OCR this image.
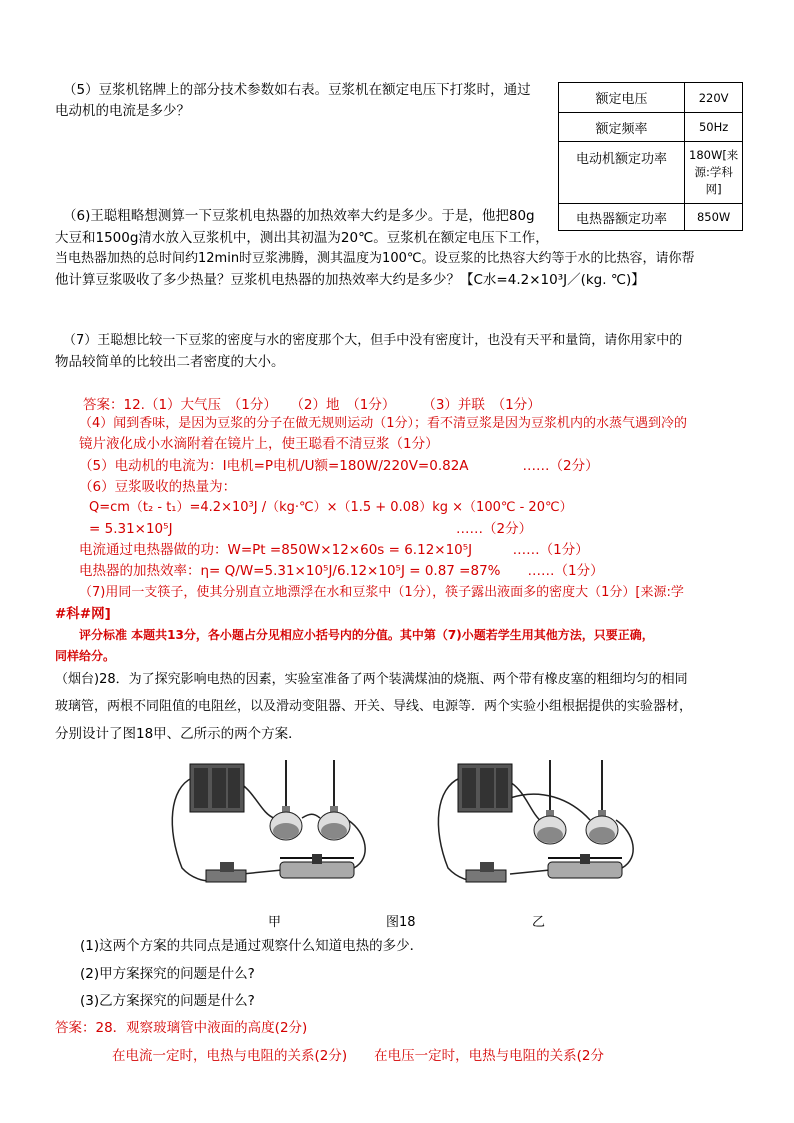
（5）豆浆机铭牌上的部分技术参数如右表。豆浆机在额定电压下打浆时，通过
电动机的电流是多少？
额定电压	220V
额定频率	50Hz
电动机额定功率	180W[来源:学科网]
电热器额定功率	850W
（6)王聪粗略想测算一下豆浆机电热器的加热效率大约是多少。于是，他把80g
大豆和1500g清水放入豆浆机中，测出其初温为20℃。豆浆机在额定电压下工作，
当电热器加热的总时间约12min时豆浆沸腾，测其温度为100℃。设豆浆的比热容大约等于水的比热容，请你帮
他计算豆浆吸收了多少热量？豆浆机电热器的加热效率大约是多少？【C水=4.2×10³J／(kg. ℃)】
（7）王聪想比较一下豆浆的密度与水的密度那个大，但手中没有密度计，也没有天平和量筒，请你用家中的
物品较简单的比较出二者密度的大小。
答案：12.（1）大气压　（1分）　　（2）地　（1分）　　　（3）并联　（1分）
（4）闻到香味，是因为豆浆的分子在做无规则运动（1分）；看不清豆浆是因为豆浆机内的水蒸气遇到冷的
镜片液化成小水滴附着在镜片上，使王聪看不清豆浆（1分）
（5）电动机的电流为：I电机=P电机/U额=180W/220V=0.82A　　　　……（2分）
（6）豆浆吸收的热量为：
Q=cm（t₂ - t₁）=4.2×10³J /（kg·℃）×（1.5 + 0.08）kg ×（100℃ - 20℃）
= 5.31×10⁵J　　　　　　　　　　　　　　　　　　　　　……（2分）
电流通过电热器做的功：W=Pt =850W×12×60s = 6.12×10⁵J　　　……（1分）
电热器的加热效率：η= Q/W=5.31×10⁵J/6.12×10⁵J = 0.87 =87%　　……（1分）
（7)用同一支筷子，使其分别直立地漂浮在水和豆浆中（1分），筷子露出液面多的密度大（1分）[来源:学
#科#网]
评分标准 本题共13分，各小题占分见相应小括号内的分值。其中第（7)小题若学生用其他方法，只要正确，
同样给分。
（烟台)28．为了探究影响电热的因素，实验室准备了两个装满煤油的烧瓶、两个带有橡皮塞的粗细均匀的相同
玻璃管，两根不同阻值的电阻丝，以及滑动变阻器、开关、导线、电源等．两个实验小组根据提供的实验器材，
分别设计了图18甲、乙所示的两个方案．
甲	图18	乙
(1)这两个方案的共同点是通过观察什么知道电热的多少．
(2)甲方案探究的问题是什么?
(3)乙方案探究的问题是什么?
答案：28．观察玻璃管中液面的高度(2分)
在电流一定时，电热与电阻的关系(2分)　　在电压一定时，电热与电阻的关系(2分
